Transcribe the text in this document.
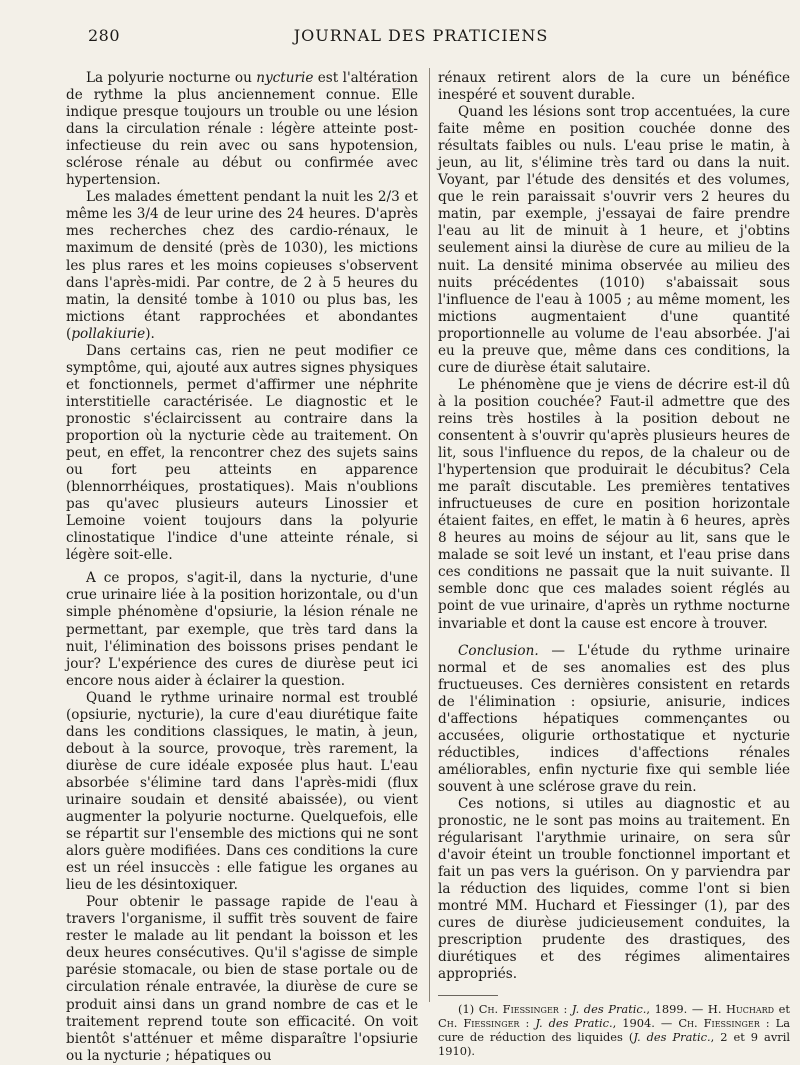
280	JOURNAL DES PRATICIENS

La polyurie nocturne ou nycturie est l'altération de rythme la plus anciennement connue. Elle indique presque toujours un trouble ou une lésion dans la circulation rénale : légère atteinte post-infectieuse du rein avec ou sans hypotension, sclérose rénale au début ou confirmée avec hypertension.

Les malades émettent pendant la nuit les 2/3 et même les 3/4 de leur urine des 24 heures. D'après mes recherches chez des cardio-rénaux, le maximum de densité (près de 1030), les mictions les plus rares et les moins copieuses s'observent dans l'après-midi. Par contre, de 2 à 5 heures du matin, la densité tombe à 1010 ou plus bas, les mictions étant rapprochées et abondantes (pollakiurie).

Dans certains cas, rien ne peut modifier ce symptôme, qui, ajouté aux autres signes physiques et fonctionnels, permet d'affirmer une néphrite interstitielle caractérisée. Le diagnostic et le pronostic s'éclaircissent au contraire dans la proportion où la nycturie cède au traitement. On peut, en effet, la rencontrer chez des sujets sains ou fort peu atteints en apparence (blennorrhéiques, prostatiques). Mais n'oublions pas qu'avec plusieurs auteurs Linossier et Lemoine voient toujours dans la polyurie clinostatique l'indice d'une atteinte rénale, si légère soit-elle.

A ce propos, s'agit-il, dans la nycturie, d'une crue urinaire liée à la position horizontale, ou d'un simple phénomène d'opsiurie, la lésion rénale ne permettant, par exemple, que très tard dans la nuit, l'élimination des boissons prises pendant le jour? L'expérience des cures de diurèse peut ici encore nous aider à éclairer la question.

Quand le rythme urinaire normal est troublé (opsiurie, nycturie), la cure d'eau diurétique faite dans les conditions classiques, le matin, à jeun, debout à la source, provoque, très rarement, la diurèse de cure idéale exposée plus haut. L'eau absorbée s'élimine tard dans l'après-midi (flux urinaire soudain et densité abaissée), ou vient augmenter la polyurie nocturne. Quelquefois, elle se répartit sur l'ensemble des mictions qui ne sont alors guère modifiées. Dans ces conditions la cure est un réel insuccès : elle fatigue les organes au lieu de les désintoxiquer.

Pour obtenir le passage rapide de l'eau à travers l'organisme, il suffit très souvent de faire rester le malade au lit pendant la boisson et les deux heures consécutives. Qu'il s'agisse de simple parésie stomacale, ou bien de stase portale ou de circulation rénale entravée, la diurèse de cure se produit ainsi dans un grand nombre de cas et le traitement reprend toute son efficacité. On voit bientôt s'atténuer et même disparaître l'opsiurie ou la nycturie ; hépatiques ou

rénaux retirent alors de la cure un bénéfice inespéré et souvent durable.

Quand les lésions sont trop accentuées, la cure faite même en position couchée donne des résultats faibles ou nuls. L'eau prise le matin, à jeun, au lit, s'élimine très tard ou dans la nuit. Voyant, par l'étude des densités et des volumes, que le rein paraissait s'ouvrir vers 2 heures du matin, par exemple, j'essayai de faire prendre l'eau au lit de minuit à 1 heure, et j'obtins seulement ainsi la diurèse de cure au milieu de la nuit. La densité minima observée au milieu des nuits précédentes (1010) s'abaissait sous l'influence de l'eau à 1005 ; au même moment, les mictions augmentaient d'une quantité proportionnelle au volume de l'eau absorbée. J'ai eu la preuve que, même dans ces conditions, la cure de diurèse était salutaire.

Le phénomène que je viens de décrire est-il dû à la position couchée? Faut-il admettre que des reins très hostiles à la position debout ne consentent à s'ouvrir qu'après plusieurs heures de lit, sous l'influence du repos, de la chaleur ou de l'hypertension que produirait le décubitus? Cela me paraît discutable. Les premières tentatives infructueuses de cure en position horizontale étaient faites, en effet, le matin à 6 heures, après 8 heures au moins de séjour au lit, sans que le malade se soit levé un instant, et l'eau prise dans ces conditions ne passait que la nuit suivante. Il semble donc que ces malades soient réglés au point de vue urinaire, d'après un rythme nocturne invariable et dont la cause est encore à trouver.

Conclusion. — L'étude du rythme urinaire normal et de ses anomalies est des plus fructueuses. Ces dernières consistent en retards de l'élimination : opsiurie, anisurie, indices d'affections hépatiques commençantes ou accusées, oligurie orthostatique et nycturie réductibles, indices d'affections rénales améliorables, enfin nycturie fixe qui semble liée souvent à une sclérose grave du rein.

Ces notions, si utiles au diagnostic et au pronostic, ne le sont pas moins au traitement. En régularisant l'arythmie urinaire, on sera sûr d'avoir éteint un trouble fonctionnel important et fait un pas vers la guérison. On y parviendra par la réduction des liquides, comme l'ont si bien montré MM. Huchard et Fiessinger (1), par des cures de diurèse judicieusement conduites, la prescription prudente des drastiques, des diurétiques et des régimes alimentaires appropriés.

(1) Ch. Fiessinger : J. des Pratic., 1899. — H. Huchard et Ch. Fiessinger : J. des Pratic., 1904. — Ch. Fiessinger : La cure de réduction des liquides (J. des Pratic., 2 et 9 avril 1910).
